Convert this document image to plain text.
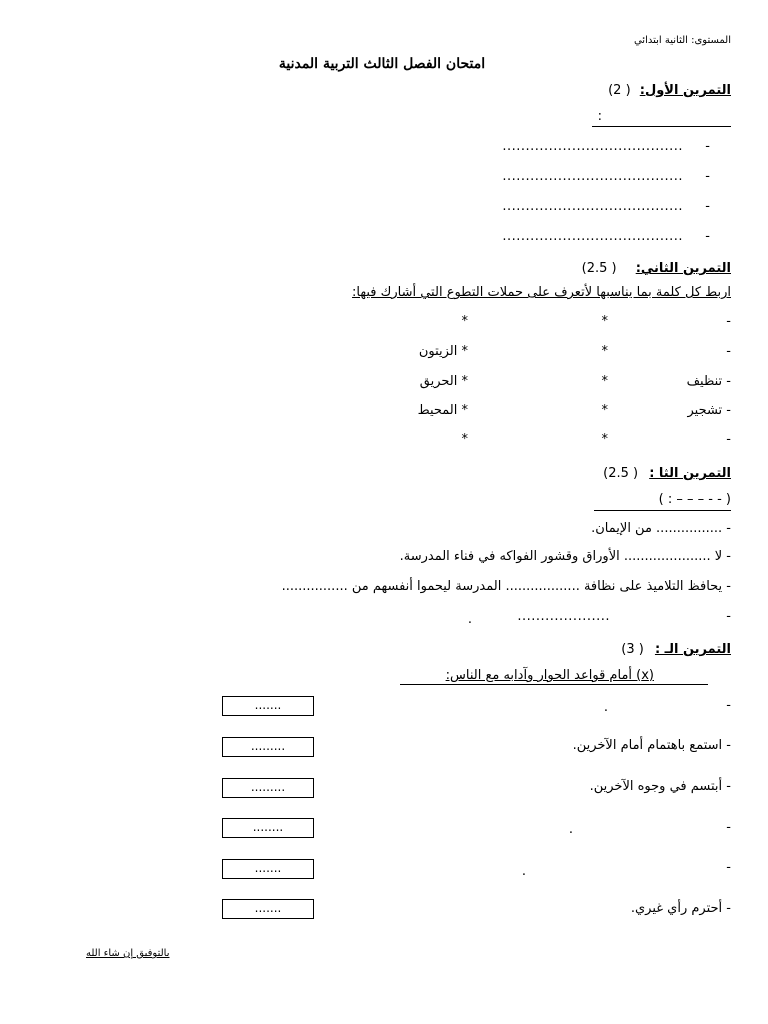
المستوى: الثانية ابتدائي
امتحان الفصل الثالث التربية المدنية
التمرين الأول: (2 )
:
-
.......................................
-
.......................................
-
.......................................
-
.......................................
التمرين الثاني: (2.5 )
اربط كل كلمة بما يناسبها لأتعرف على حملات التطوع التي أشارك فيها:
-
*
*
-
*
* الزيتون
- تنظيف
*
* الحريق
- تشجير
*
* المحيط
-
*
*
التمرين الثا : (2.5 )
( : – – – - - )
- ................ من الإيمان.
- لا ..................... الأوراق وقشور الفواكه في فناء المدرسة.
- يحافظ التلاميذ على نظافة .................. المدرسة ليحموا أنفسهم من ................
-
....................
.
التمرين الـ : (3 )
(x) أمام قواعد الحوار وآدابه مع الناس:
-
.
.......
- استمع باهتمام أمام الآخرين.
.........
- أبتسم في وجوه الآخرين.
.........
-
.
........
-
.
.......
- أحترم رأي غيري.
.......
بالتوفيق إن شاء الله
